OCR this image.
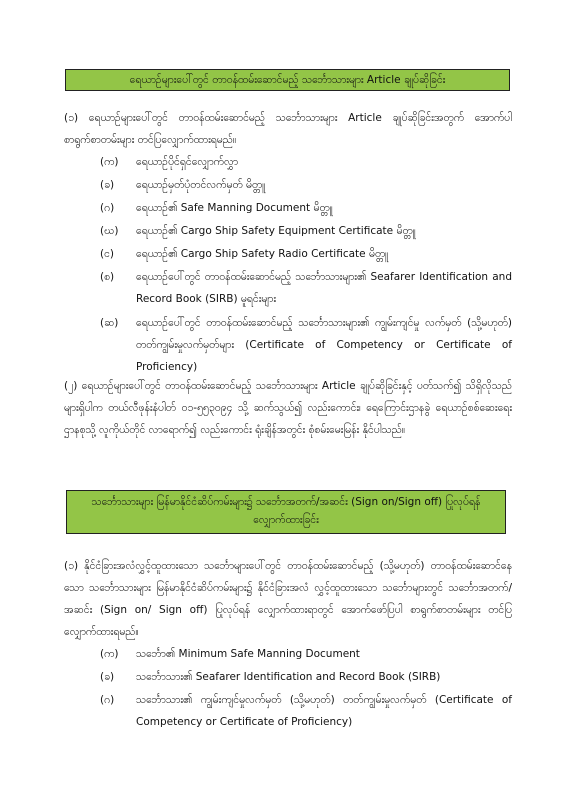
ရေယာဉ်များပေါ်တွင် တာဝန်ထမ်းဆောင်မည့် သင်္ဘောသားများ Article ချုပ်ဆိုခြင်း
(၁) ရေယာဉ်များပေါ်တွင် တာဝန်ထမ်းဆောင်မည့် သင်္ဘောသားများ Article ချုပ်ဆိုခြင်းအတွက် အောက်ပါစာရွက်စာတမ်းများ တင်ပြလျှောက်ထားရမည်။
(က)	ရေယာဉ်ပိုင်ရှင်လျှောက်လွှာ
(ခ)	ရေယာဉ်မှတ်ပုံတင်လက်မှတ် မိတ္တူ
(ဂ)	ရေယာဉ်၏ Safe Manning Document မိတ္တူ
(ဃ)	ရေယာဉ်၏ Cargo Ship Safety Equipment Certificate မိတ္တူ
(င)	ရေယာဉ်၏ Cargo Ship Safety Radio Certificate မိတ္တူ
(စ)	ရေယာဉ်ပေါ်တွင် တာဝန်ထမ်းဆောင်မည့် သင်္ဘောသားများ၏ Seafarer Identification and Record Book (SIRB) မူရင်းများ
(ဆ)	ရေယာဉ်ပေါ်တွင် တာဝန်ထမ်းဆောင်မည့် သင်္ဘောသားများ၏ ကျွမ်းကျင်မှု လက်မှတ် (သို့မဟုတ်) တတ်ကျွမ်းမှုလက်မှတ်များ (Certificate of Competency or Certificate of Proficiency)
(၂) ရေယာဉ်များပေါ်တွင် တာဝန်ထမ်းဆောင်မည့် သင်္ဘောသားများ Article ချုပ်ဆိုခြင်းနှင့် ပတ်သက်၍ သိရှိလိုသည်များရှိပါက တယ်လီဖုန်းနံပါတ် ၀၁-၅၅၃၀၉၄ သို့ ဆက်သွယ်၍ လည်းကောင်း၊ ရေကြောင်းဌာနခွဲ ရေယာဉ်စစ်ဆေးရေးဌာနစုသို့ လူကိုယ်တိုင် လာရောက်၍ လည်းကောင်း ရုံးချိန်အတွင်း စုံစမ်းမေးမြန်း နိုင်ပါသည်။
သင်္ဘောသားများ မြန်မာနိုင်ငံဆိပ်ကမ်းများ၌ သင်္ဘောအတက်/အဆင်း (Sign on/Sign off) ပြုလုပ်ရန် လျှောက်ထားခြင်း
(၁) နိုင်ငံခြားအလံလွှင့်ထူထားသော သင်္ဘောများပေါ်တွင် တာဝန်ထမ်းဆောင်မည့် (သို့မဟုတ်) တာဝန်ထမ်းဆောင်နေသော သင်္ဘောသားများ မြန်မာနိုင်ငံဆိပ်ကမ်းများ၌ နိုင်ငံခြားအလံ လွှင့်ထူထားသော သင်္ဘောများတွင် သင်္ဘောအတက်/အဆင်း (Sign on/ Sign off) ပြုလုပ်ရန် လျှောက်ထားရာတွင် အောက်ဖော်ပြပါ စာရွက်စာတမ်းများ တင်ပြလျှောက်ထားရမည်။
(က)	သင်္ဘော၏ Minimum Safe Manning Document
(ခ)	သင်္ဘောသား၏ Seafarer Identification and Record Book (SIRB)
(ဂ)	သင်္ဘောသား၏ ကျွမ်းကျင်မှုလက်မှတ် (သို့မဟုတ်) တတ်ကျွမ်းမှုလက်မှတ် (Certificate of Competency or Certificate of Proficiency)
